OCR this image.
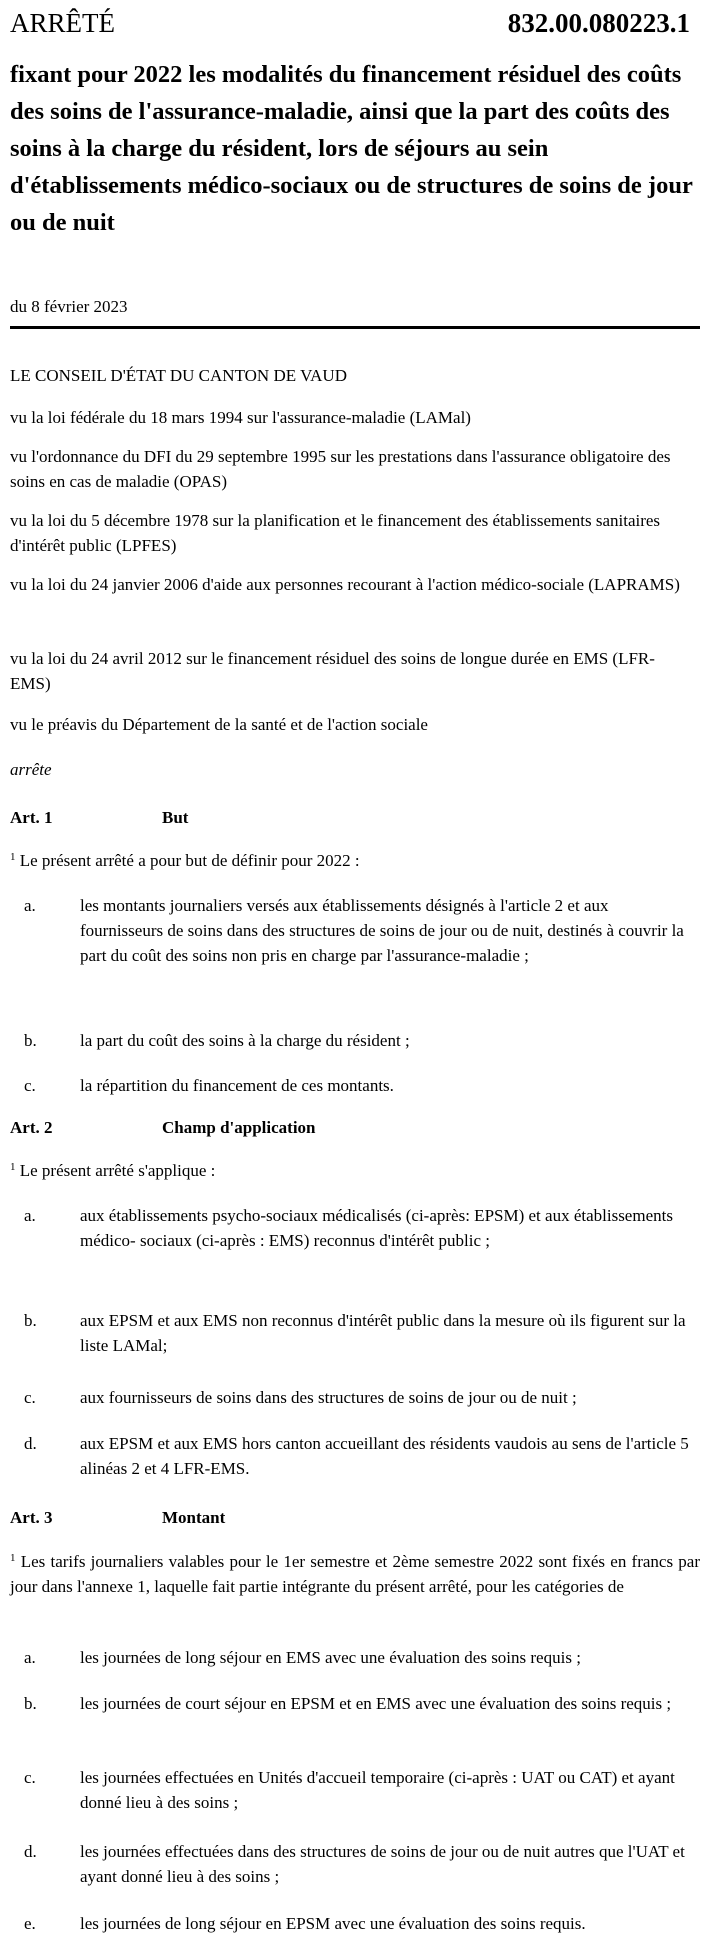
ARRÊTÉ	832.00.080223.1
fixant pour 2022 les modalités du financement résiduel des coûts des soins de l'assurance-maladie, ainsi que la part des coûts des soins à la charge du résident, lors de séjours au sein d'établissements médico-sociaux ou de structures de soins de jour ou de nuit
du 8 février 2023
LE CONSEIL D'ÉTAT DU CANTON DE VAUD
vu la loi fédérale du 18 mars 1994 sur l'assurance-maladie (LAMal)
vu l'ordonnance du DFI du 29 septembre 1995 sur les prestations dans l'assurance obligatoire des soins en cas de maladie (OPAS)
vu la loi du 5 décembre 1978 sur la planification et le financement des établissements sanitaires d'intérêt public (LPFES)
vu la loi du 24 janvier 2006 d'aide aux personnes recourant à l'action médico-sociale (LAPRAMS)
vu la loi du 24 avril 2012 sur le financement résiduel des soins de longue durée en EMS (LFR- EMS)
vu le préavis du Département de la santé et de l'action sociale
arrête
Art. 1	But
$^1$ Le présent arrêté a pour but de définir pour 2022 :
a.	les montants journaliers versés aux établissements désignés à l'article 2 et aux fournisseurs de soins dans des structures de soins de jour ou de nuit, destinés à couvrir la part du coût des soins non pris en charge par l'assurance-maladie ;
b.	la part du coût des soins à la charge du résident ;
c.	la répartition du financement de ces montants.
Art. 2	Champ d'application
$^1$ Le présent arrêté s'applique :
a.	aux établissements psycho-sociaux médicalisés (ci-après: EPSM) et aux établissements médico- sociaux (ci-après : EMS) reconnus d'intérêt public ;
b.	aux EPSM et aux EMS non reconnus d'intérêt public dans la mesure où ils figurent sur la liste LAMal;
c.	aux fournisseurs de soins dans des structures de soins de jour ou de nuit ;
d.	aux EPSM et aux EMS hors canton accueillant des résidents vaudois au sens de l'article 5 alinéas 2 et 4 LFR-EMS.
Art. 3	Montant
$^1$ Les tarifs journaliers valables pour le 1er semestre et 2ème semestre 2022 sont fixés en francs par jour dans l'annexe 1, laquelle fait partie intégrante du présent arrêté, pour les catégories de
a.	les journées de long séjour en EMS avec une évaluation des soins requis ;
b.	les journées de court séjour en EPSM et en EMS avec une évaluation des soins requis ;
c.	les journées effectuées en Unités d'accueil temporaire (ci-après : UAT ou CAT) et ayant donné lieu à des soins ;
d.	les journées effectuées dans des structures de soins de jour ou de nuit autres que l'UAT et ayant donné lieu à des soins ;
e.	les journées de long séjour en EPSM avec une évaluation des soins requis.
